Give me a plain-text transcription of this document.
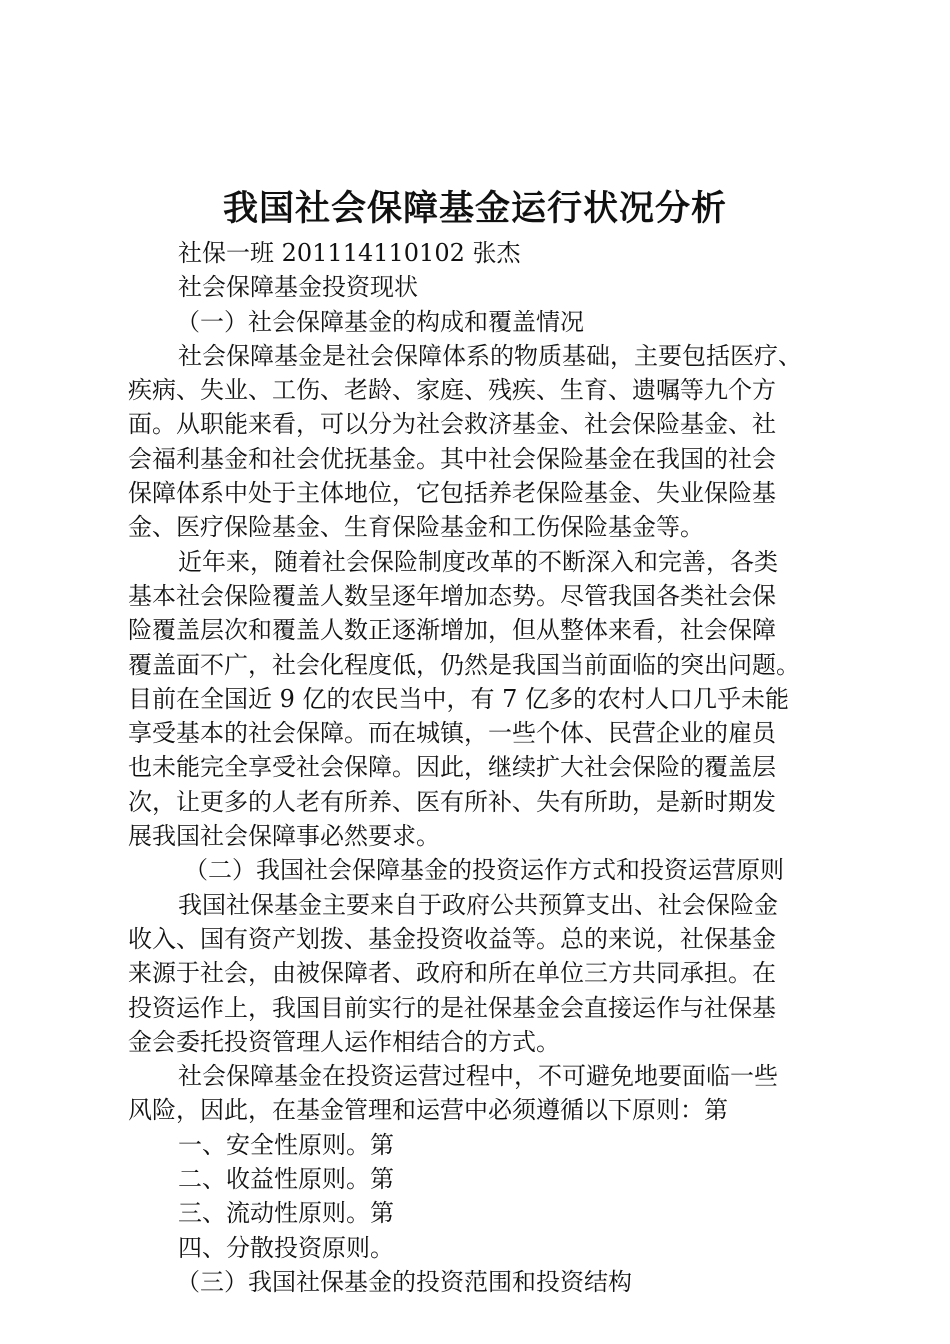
我国社会保障基金运行状况分析
社保一班 201114110102 张杰
社会保障基金投资现状
（一）社会保障基金的构成和覆盖情况
社会保障基金是社会保障体系的物质基础，主要包括医疗、
疾病、失业、工伤、老龄、家庭、残疾、生育、遗嘱等九个方
面。从职能来看，可以分为社会救济基金、社会保险基金、社
会福利基金和社会优抚基金。其中社会保险基金在我国的社会
保障体系中处于主体地位，它包括养老保险基金、失业保险基
金、医疗保险基金、生育保险基金和工伤保险基金等。
近年来，随着社会保险制度改革的不断深入和完善，各类
基本社会保险覆盖人数呈逐年增加态势。尽管我国各类社会保
险覆盖层次和覆盖人数正逐渐增加，但从整体来看，社会保障
覆盖面不广，社会化程度低，仍然是我国当前面临的突出问题。
目前在全国近 9 亿的农民当中，有 7 亿多的农村人口几乎未能
享受基本的社会保障。而在城镇，一些个体、民营企业的雇员
也未能完全享受社会保障。因此，继续扩大社会保险的覆盖层
次，让更多的人老有所养、医有所补、失有所助，是新时期发
展我国社会保障事必然要求。
（二）我国社会保障基金的投资运作方式和投资运营原则
我国社保基金主要来自于政府公共预算支出、社会保险金
收入、国有资产划拨、基金投资收益等。总的来说，社保基金
来源于社会，由被保障者、政府和所在单位三方共同承担。在
投资运作上，我国目前实行的是社保基金会直接运作与社保基
金会委托投资管理人运作相结合的方式。
社会保障基金在投资运营过程中，不可避免地要面临一些
风险，因此，在基金管理和运营中必须遵循以下原则：第
一、安全性原则。第
二、收益性原则。第
三、流动性原则。第
四、分散投资原则。
（三）我国社保基金的投资范围和投资结构
